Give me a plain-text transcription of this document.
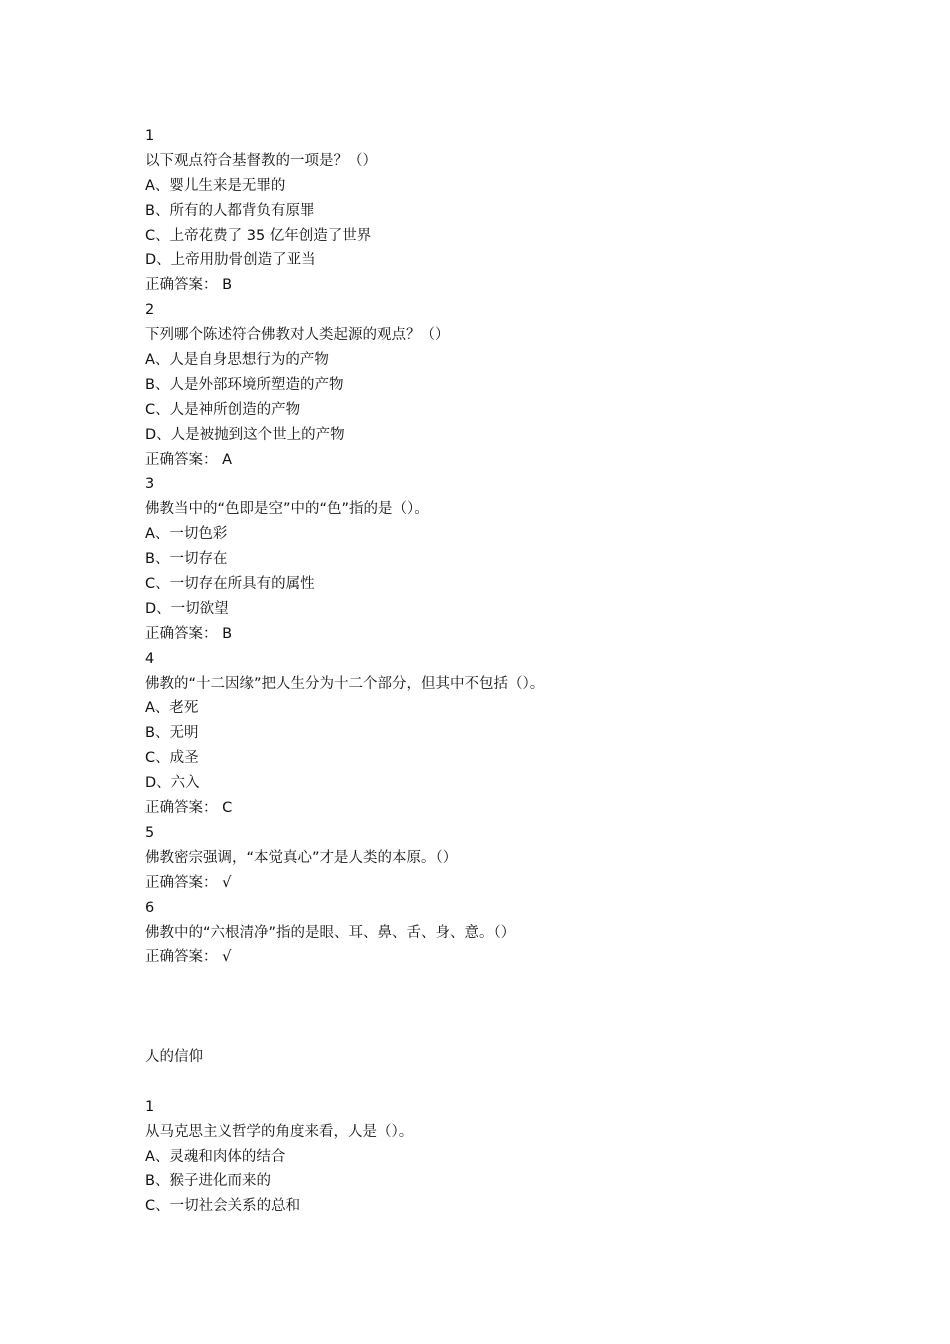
1
以下观点符合基督教的一项是？（）
A、婴儿生来是无罪的
B、所有的人都背负有原罪
C、上帝花费了 35 亿年创造了世界
D、上帝用肋骨创造了亚当
正确答案： B
2
下列哪个陈述符合佛教对人类起源的观点？（）
A、人是自身思想行为的产物
B、人是外部环境所塑造的产物
C、人是神所创造的产物
D、人是被抛到这个世上的产物
正确答案： A
3
佛教当中的“色即是空”中的“色”指的是（）。
A、一切色彩
B、一切存在
C、一切存在所具有的属性
D、一切欲望
正确答案： B
4
佛教的“十二因缘”把人生分为十二个部分，但其中不包括（）。
A、老死
B、无明
C、成圣
D、六入
正确答案： C
5
佛教密宗强调，“本觉真心”才是人类的本原。（）
正确答案： √
6
佛教中的“六根清净”指的是眼、耳、鼻、舌、身、意。（）
正确答案： √
人的信仰
1
从马克思主义哲学的角度来看，人是（）。
A、灵魂和肉体的结合
B、猴子进化而来的
C、一切社会关系的总和
